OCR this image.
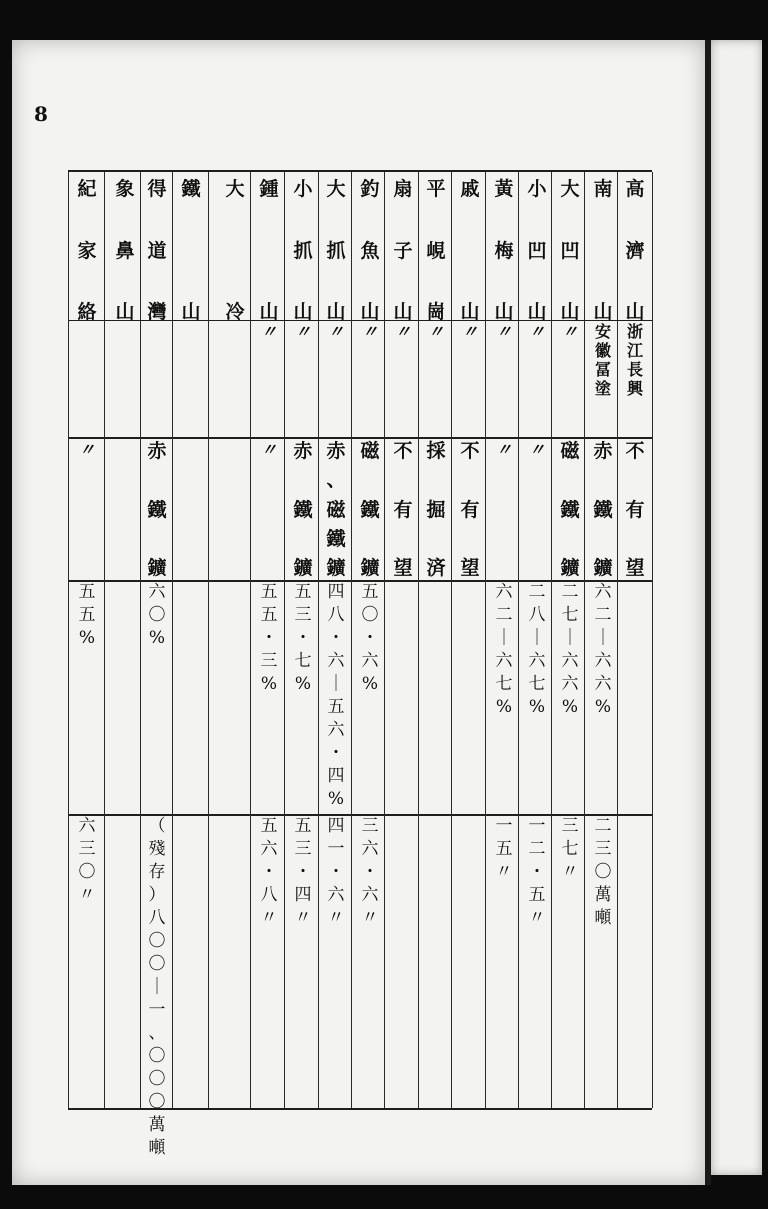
8
高
濟
山
浙
江
長
興
不
有
望
南
山
安
徽
冨
塗
赤
鐵
鑛
六
二
｜
六
六
%
二
三
〇
萬
噸
大
凹
山
〃
磁
鐵
鑛
二
七
｜
六
六
%
三
七
〃
小
凹
山
〃
〃
二
八
｜
六
七
%
一
二
・
五
〃
黃
梅
山
〃
〃
六
二
｜
六
七
%
一
五
〃
戚
山
〃
不
有
望
平
峴
崗
〃
採
掘
済
扇
子
山
〃
不
有
望
釣
魚
山
〃
磁
鐵
鑛
五
〇
・
六
%
三
六
・
六
〃
大
抓
山
〃
赤
、
磁
鐵
鑛
四
八
・
六
｜
五
六
・
四
%
四
一
・
六
〃
小
抓
山
〃
赤
鐵
鑛
五
三
・
七
%
五
三
・
四
〃
鍾
山
〃
〃
五
五
・
三
%
五
六
・
八
〃
大
冷
鐵
山
得
道
灣
赤
鐵
鑛
六
〇
%
（
殘
存
）
八
〇
〇
｜
一
、
〇
〇
〇
萬
噸
象
鼻
山
紀
家
絡
〃
五
五
%
六
三
〇
〃
